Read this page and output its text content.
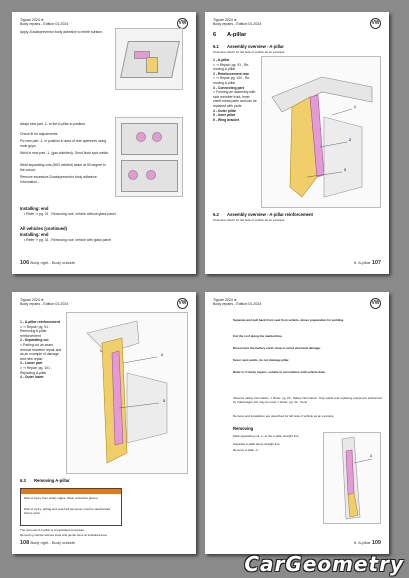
Tiguan 2024 ➤
Body repairs - Edition 01.2024	VW
Apply Zusatzpreventor body adhesive to entire surface.
Adapt new part -1- to the A-pillar to position.
Check fit for adjustments.
Fix new part -1- in position in area of rear apertures using mole grips.
Weld in new part -1- (gas-shielded). Grind flush spot welds.
Weld separating cuts (MIG welded) seam at 90 degree to the cutout.
Remove excessive Zusatzpreventor body adhesive. Information...
Installing: end
• Refer ⇒ pg. 31 , Removing roof, vehicle without glass panel
All vehicles (continued)
Installing: end
• Refer ⇒ pg. 31 , Removing roof, vehicle with glass panel
106 Body right - Body outside
Tiguan 2024 ➤
Body repairs - Edition 01.2024	VW
6 A-pillar
6.1 Assembly overview - A-pillar
Overview shown for left side of vehicle as an example
1 - A-pillar
□ ⇒ Repair: pg. 91 , Re-moving A-pillar
2 - Reinforcement rear
□ ⇒ Repair pg. 100 , Re-moving A-pillar
3 - Connecting part
□ Forming an assembly with side member front, inner sheet metal parts and can be replaced with parts
4 - Outer pillar
5 - Inner pillar
6 - Wing bracket
1
2
3
6.2 Assembly overview - A-pillar reinforcement
Overview shown for left side of vehicle as an example
6. A-pillar 107
Tiguan 2024 ➤
Body repairs - Edition 01.2024	VW
1 - A-pillar reinforcement
□ ⇒ Repair: pg. 91 , Removing A-pillar reinforcement
2 - Separating cut
□ Parting cut as seam, remove between repair and as an example of damage and new repair.
3 - Lower part
□ ⇒ Repair: pg. 101 , Replacing A-pillar
4 - Outer lower
1
2
3
6.3 Removing A-pillar
Risk of injury from sharp edges. Wear protective gloves.
Risk of injury: airbag and seat belt tensioner must be deactivated before work.
The removal of A-pillar is complicated procedure.
Removing vehicle without tools and gentle force at indicated area.
108 Body right - Body outside
Tiguan 2024 ➤
Body repairs - Edition 01.2024	VW
Separate and pull back front seat from vehicle, above preparation for welding.
Cut the roof along the marked line.
Disconnect the battery earth strap to avoid electrical damage.
Sever spot welds, do not damage pillar.
Refer to ⇒ Body repairs, vehicle in accordance with vehicle data.
Observe safety information ⇒ Refer: pg. 22 , Safety information. Only welds and replacing equipment authorised by Volkswagen AG may be used ⇒ Refer: pg. 32 , Tools.
Remove and installation are described for left side of vehicle as an example.
Removing
Mark separating cut -1- at the A-pillar straight line.
Separate A-pillar along straight line.
Remove A-pillar -1-.
1
6. A-pillar 109
CarGeometry
